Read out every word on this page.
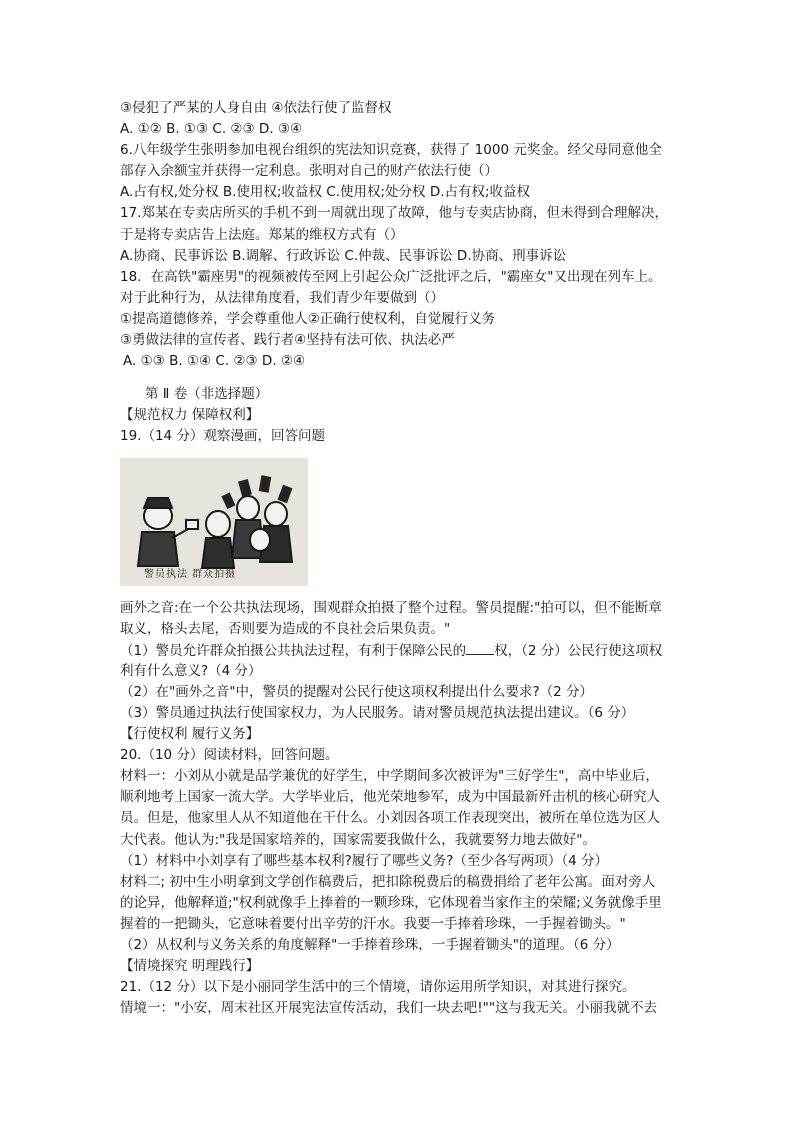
③侵犯了严某的人身自由 ④依法行使了监督权
A. ①② B. ①③ C. ②③ D. ③④
6.八年级学生张明参加电视台组织的宪法知识竞赛，获得了 1000 元奖金。经父母同意他全
部存入余额宝并获得一定利息。张明对自己的财产依法行使（）
A.占有权,处分权 B.使用权;收益权 C.使用权;处分权 D.占有权;收益权
17.郑某在专卖店所买的手机不到一周就出现了故障，他与专卖店协商，但未得到合理解决，
于是将专卖店告上法庭。郑某的维权方式有（）
A.协商、民事诉讼 B.调解、行政诉讼 C.仲裁、民事诉讼 D.协商、刑事诉讼
18．在高铁"霸座男"的视频被传至网上引起公众广泛批评之后，"霸座女"又出现在列车上。
对于此种行为，从法律角度看，我们青少年要做到（）
①提高道德修养，学会尊重他人②正确行使权利，自觉履行义务
③勇做法律的宣传者、践行者④坚持有法可依、执法必严
A. ①③ B. ①④ C. ②③ D. ②④
第 Ⅱ 卷（非选择题）
【规范权力 保障权利】
19.（14 分）观察漫画，回答问题
警员执法 群众拍摄
画外之音:在一个公共执法现场，围观群众拍摄了整个过程。警员提醒:"拍可以，但不能断章
取义，格头去尾，否则要为造成的不良社会后果负责。"
（1）警员允许群众拍摄公共执法过程，有利于保障公民的 权，（2 分）公民行使这项权
利有什么意义?（4 分）
（2）在"画外之音"中，警员的提醒对公民行使这项权利提出什么要求?（2 分）
（3）警员通过执法行使国家权力，为人民服务。请对警员规范执法提出建议。（6 分）
【行使权利 履行义务】
20.（10 分）阅读材料，回答问题。
材料一：小刘从小就是品学兼优的好学生，中学期间多次被评为"三好学生"，高中毕业后，
顺利地考上国家一流大学。大学毕业后，他光荣地参军，成为中国最新歼击机的核心研究人
员。但是，他家里人从不知道他在干什么。小刘因各项工作表现突出，被所在单位选为区人
大代表。他认为:"我是国家培养的，国家需要我做什么，我就要努力地去做好"。
（1）材料中小刘享有了哪些基本权利?履行了哪些义务?（至少各写两项）（4 分）
材料二; 初中生小明拿到文学创作稿费后，把扣除税费后的稿费捐给了老年公寓。面对旁人
的论异，他解释道;"权利就像手上捧着的一颗珍珠，它体现着当家作主的荣耀;义务就像手里
握着的一把锄头，它意味着要付出辛劳的汗水。我要一手捧着珍珠，一手握着锄头。"
（2）从权利与义务关系的角度解释"一手捧着珍珠，一手握着锄头"的道理。（6 分）
【情境探究 明理践行】
21.（12 分）以下是小丽同学生活中的三个情境，请你运用所学知识，对其进行探究。
情境一："小安，周末社区开展宪法宣传活动，我们一块去吧!""这与我无关。小丽我就不去
